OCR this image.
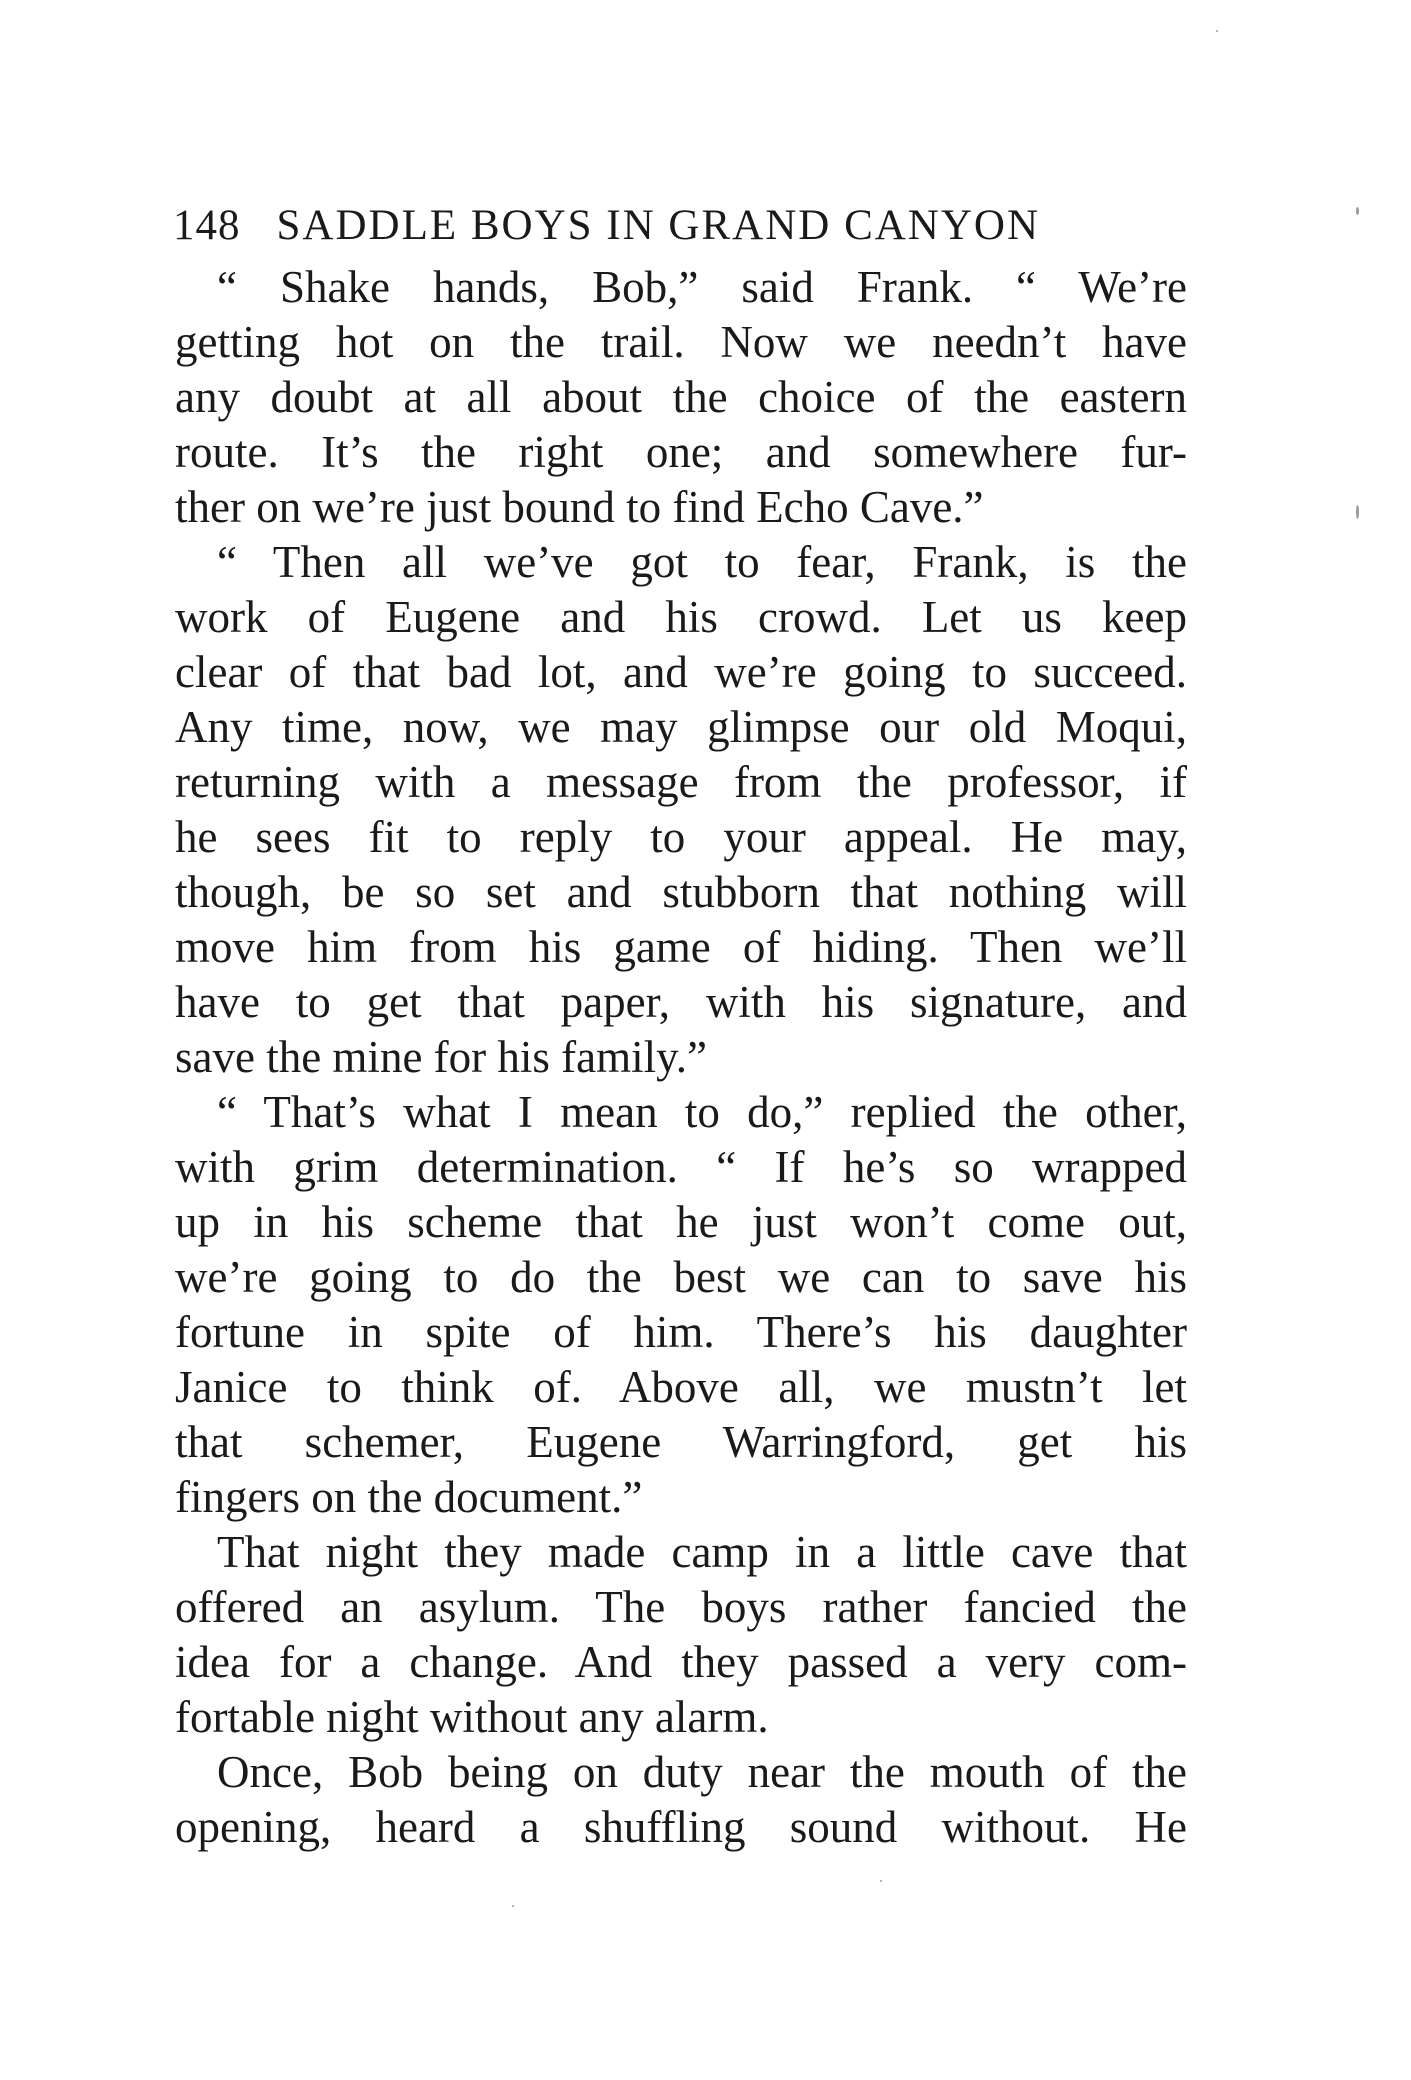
148 SADDLE BOYS IN GRAND CANYON
“ Shake hands, Bob,” said Frank. “ We’re
getting hot on the trail. Now we needn’t have
any doubt at all about the choice of the eastern
route. It’s the right one; and somewhere fur-
ther on we’re just bound to find Echo Cave.”
“ Then all we’ve got to fear, Frank, is the
work of Eugene and his crowd. Let us keep
clear of that bad lot, and we’re going to succeed.
Any time, now, we may glimpse our old Moqui,
returning with a message from the professor, if
he sees fit to reply to your appeal. He may,
though, be so set and stubborn that nothing will
move him from his game of hiding. Then we’ll
have to get that paper, with his signature, and
save the mine for his family.”
“ That’s what I mean to do,” replied the other,
with grim determination. “ If he’s so wrapped
up in his scheme that he just won’t come out,
we’re going to do the best we can to save his
fortune in spite of him. There’s his daughter
Janice to think of. Above all, we mustn’t let
that schemer, Eugene Warringford, get his
fingers on the document.”
That night they made camp in a little cave that
offered an asylum. The boys rather fancied the
idea for a change. And they passed a very com-
fortable night without any alarm.
Once, Bob being on duty near the mouth of the
opening, heard a shuffling sound without. He
